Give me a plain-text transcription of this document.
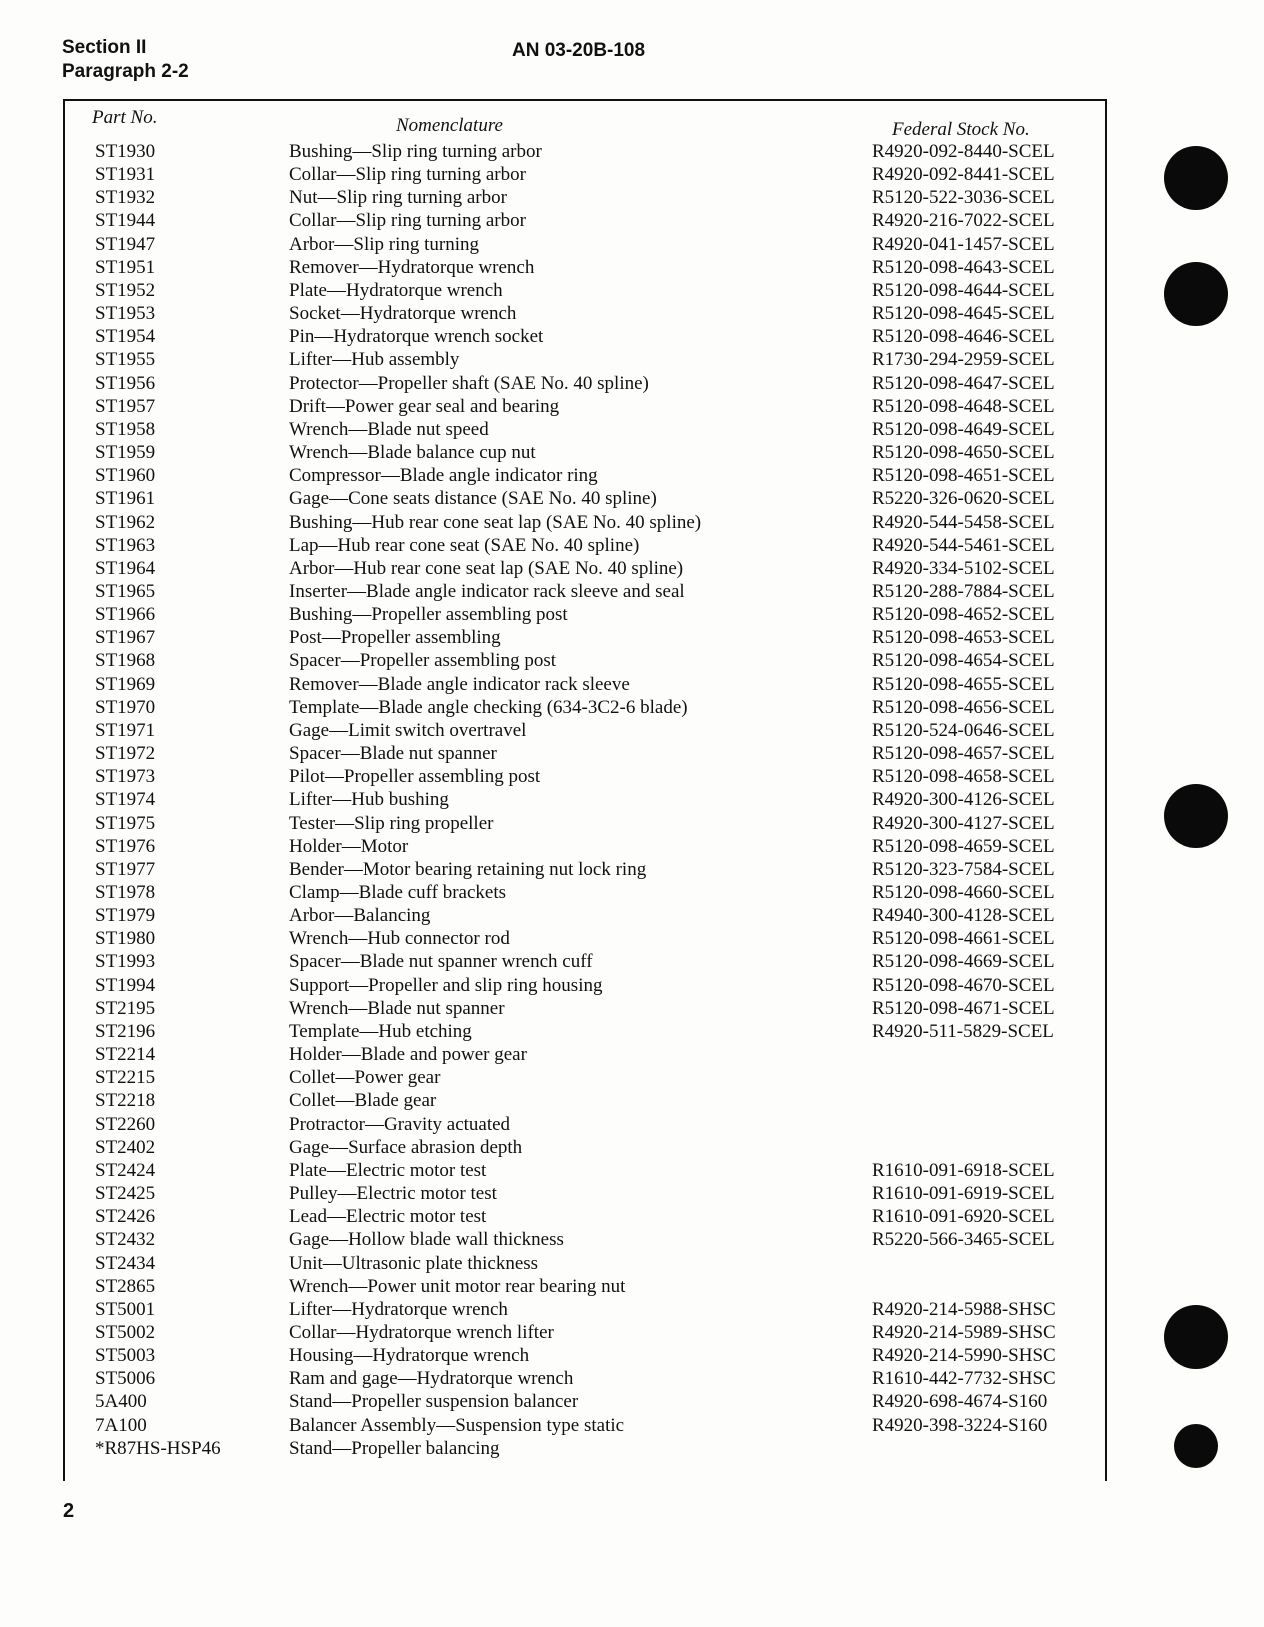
Section II
Paragraph 2-2
AN 03-20B-108
Part No.	Nomenclature	Federal Stock No.
ST1930	Bushing—Slip ring turning arbor	R4920-092-8440-SCEL
ST1931	Collar—Slip ring turning arbor	R4920-092-8441-SCEL
ST1932	Nut—Slip ring turning arbor	R5120-522-3036-SCEL
ST1944	Collar—Slip ring turning arbor	R4920-216-7022-SCEL
ST1947	Arbor—Slip ring turning	R4920-041-1457-SCEL
ST1951	Remover—Hydratorque wrench	R5120-098-4643-SCEL
ST1952	Plate—Hydratorque wrench	R5120-098-4644-SCEL
ST1953	Socket—Hydratorque wrench	R5120-098-4645-SCEL
ST1954	Pin—Hydratorque wrench socket	R5120-098-4646-SCEL
ST1955	Lifter—Hub assembly	R1730-294-2959-SCEL
ST1956	Protector—Propeller shaft (SAE No. 40 spline)	R5120-098-4647-SCEL
ST1957	Drift—Power gear seal and bearing	R5120-098-4648-SCEL
ST1958	Wrench—Blade nut speed	R5120-098-4649-SCEL
ST1959	Wrench—Blade balance cup nut	R5120-098-4650-SCEL
ST1960	Compressor—Blade angle indicator ring	R5120-098-4651-SCEL
ST1961	Gage—Cone seats distance (SAE No. 40 spline)	R5220-326-0620-SCEL
ST1962	Bushing—Hub rear cone seat lap (SAE No. 40 spline)	R4920-544-5458-SCEL
ST1963	Lap—Hub rear cone seat (SAE No. 40 spline)	R4920-544-5461-SCEL
ST1964	Arbor—Hub rear cone seat lap (SAE No. 40 spline)	R4920-334-5102-SCEL
ST1965	Inserter—Blade angle indicator rack sleeve and seal	R5120-288-7884-SCEL
ST1966	Bushing—Propeller assembling post	R5120-098-4652-SCEL
ST1967	Post—Propeller assembling	R5120-098-4653-SCEL
ST1968	Spacer—Propeller assembling post	R5120-098-4654-SCEL
ST1969	Remover—Blade angle indicator rack sleeve	R5120-098-4655-SCEL
ST1970	Template—Blade angle checking (634-3C2-6 blade)	R5120-098-4656-SCEL
ST1971	Gage—Limit switch overtravel	R5120-524-0646-SCEL
ST1972	Spacer—Blade nut spanner	R5120-098-4657-SCEL
ST1973	Pilot—Propeller assembling post	R5120-098-4658-SCEL
ST1974	Lifter—Hub bushing	R4920-300-4126-SCEL
ST1975	Tester—Slip ring propeller	R4920-300-4127-SCEL
ST1976	Holder—Motor	R5120-098-4659-SCEL
ST1977	Bender—Motor bearing retaining nut lock ring	R5120-323-7584-SCEL
ST1978	Clamp—Blade cuff brackets	R5120-098-4660-SCEL
ST1979	Arbor—Balancing	R4940-300-4128-SCEL
ST1980	Wrench—Hub connector rod	R5120-098-4661-SCEL
ST1993	Spacer—Blade nut spanner wrench cuff	R5120-098-4669-SCEL
ST1994	Support—Propeller and slip ring housing	R5120-098-4670-SCEL
ST2195	Wrench—Blade nut spanner	R5120-098-4671-SCEL
ST2196	Template—Hub etching	R4920-511-5829-SCEL
ST2214	Holder—Blade and power gear
ST2215	Collet—Power gear
ST2218	Collet—Blade gear
ST2260	Protractor—Gravity actuated
ST2402	Gage—Surface abrasion depth
ST2424	Plate—Electric motor test	R1610-091-6918-SCEL
ST2425	Pulley—Electric motor test	R1610-091-6919-SCEL
ST2426	Lead—Electric motor test	R1610-091-6920-SCEL
ST2432	Gage—Hollow blade wall thickness	R5220-566-3465-SCEL
ST2434	Unit—Ultrasonic plate thickness
ST2865	Wrench—Power unit motor rear bearing nut
ST5001	Lifter—Hydratorque wrench	R4920-214-5988-SHSC
ST5002	Collar—Hydratorque wrench lifter	R4920-214-5989-SHSC
ST5003	Housing—Hydratorque wrench	R4920-214-5990-SHSC
ST5006	Ram and gage—Hydratorque wrench	R1610-442-7732-SHSC
5A400	Stand—Propeller suspension balancer	R4920-698-4674-S160
7A100	Balancer Assembly—Suspension type static	R4920-398-3224-S160
*R87HS-HSP46	Stand—Propeller balancing
2
